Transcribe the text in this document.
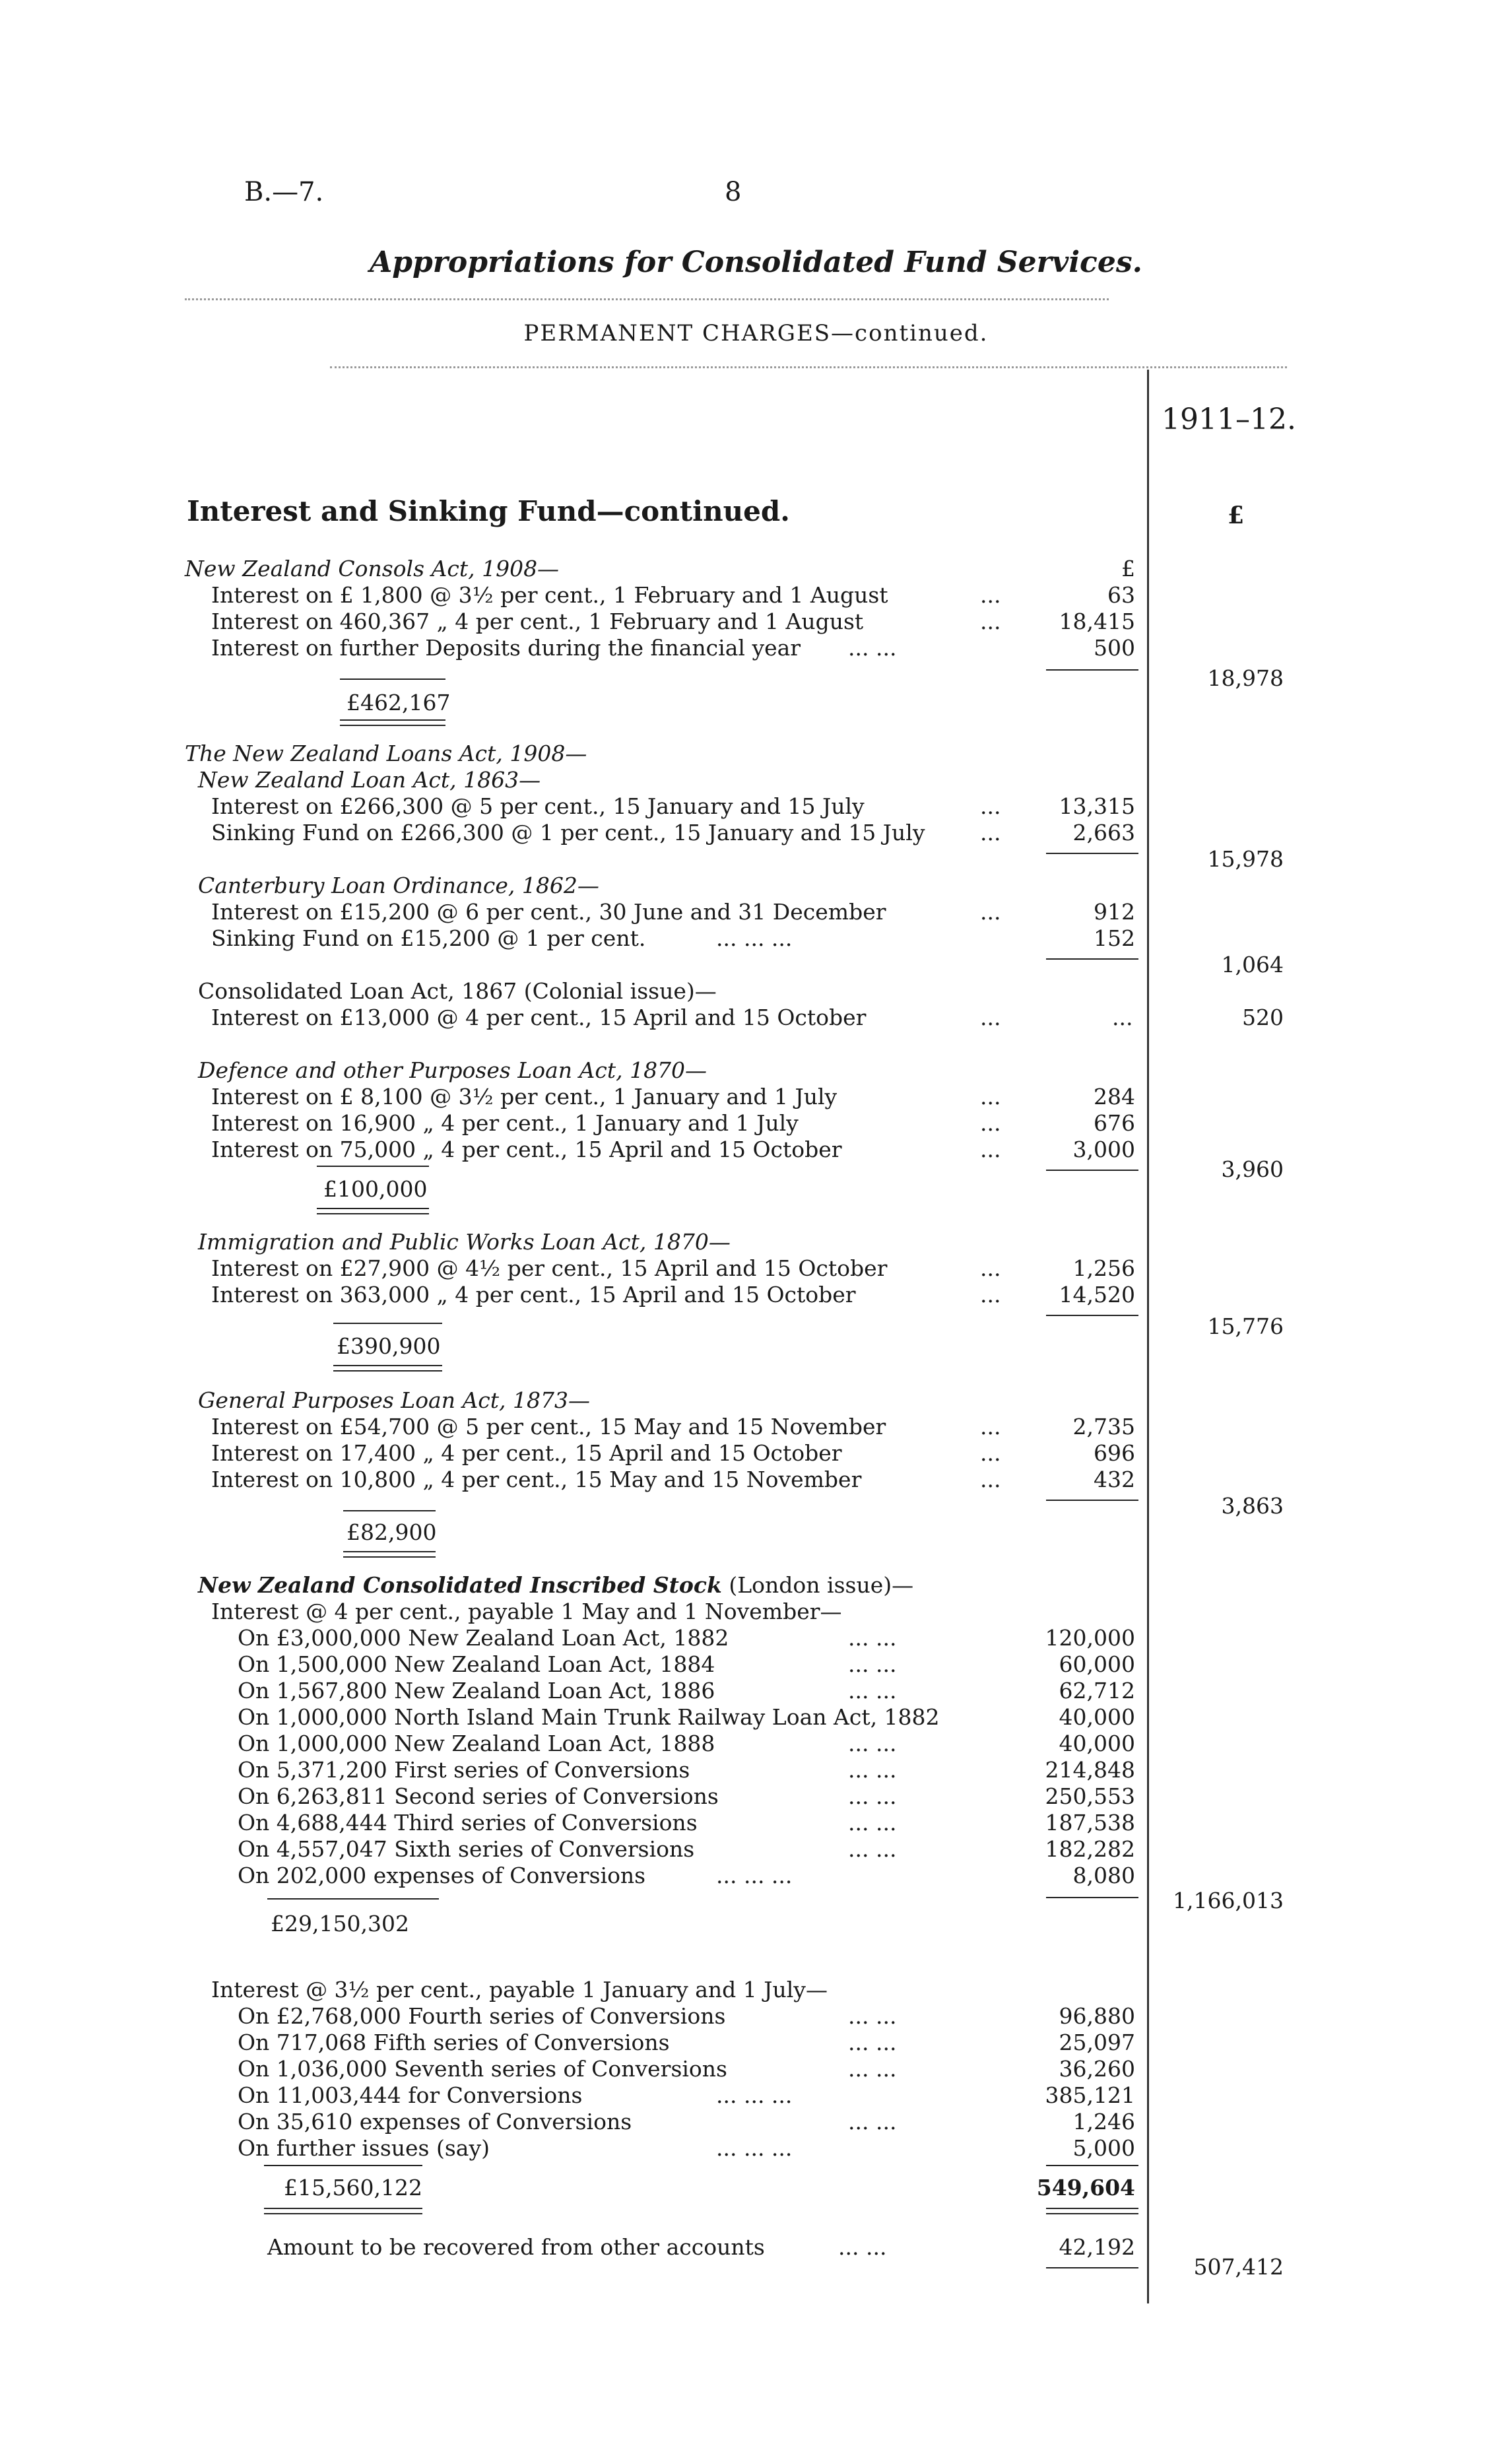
B.—7.	8
Appropriations for Consolidated Fund Services.
PERMANENT CHARGES—continued.
1911–12.
£
Interest and Sinking Fund—continued.
New Zealand Consols Act, 1908—	£
Interest on £ 1,800 @ 3½ per cent., 1 February and 1 August	...	63
Interest on 460,367 „ 4 per cent., 1 February and 1 August	...	18,415
Interest on further Deposits during the financial year ... ...	500
18,978
£462,167
The New Zealand Loans Act, 1908—
New Zealand Loan Act, 1863—
Interest on £266,300 @ 5 per cent., 15 January and 15 July	...	13,315
Sinking Fund on £266,300 @ 1 per cent., 15 January and 15 July	...	2,663
15,978
Canterbury Loan Ordinance, 1862—
Interest on £15,200 @ 6 per cent., 30 June and 31 December	...	912
Sinking Fund on £15,200 @ 1 per cent.	... ... ...	152
1,064
Consolidated Loan Act, 1867 (Colonial issue)—
Interest on £13,000 @ 4 per cent., 15 April and 15 October	...	...	520
Defence and other Purposes Loan Act, 1870—
Interest on £ 8,100 @ 3½ per cent., 1 January and 1 July	...	284
Interest on 16,900 „ 4 per cent., 1 January and 1 July	...	676
Interest on 75,000 „ 4 per cent., 15 April and 15 October	...	3,000
3,960
£100,000
Immigration and Public Works Loan Act, 1870—
Interest on £27,900 @ 4½ per cent., 15 April and 15 October	...	1,256
Interest on 363,000 „ 4 per cent., 15 April and 15 October	...	14,520
15,776
£390,900
General Purposes Loan Act, 1873—
Interest on £54,700 @ 5 per cent., 15 May and 15 November	...	2,735
Interest on 17,400 „ 4 per cent., 15 April and 15 October	...	696
Interest on 10,800 „ 4 per cent., 15 May and 15 November	...	432
3,863
£82,900
New Zealand Consolidated Inscribed Stock (London issue)—
Interest @ 4 per cent., payable 1 May and 1 November—
On £3,000,000 New Zealand Loan Act, 1882	... ...	120,000
On 1,500,000 New Zealand Loan Act, 1884	... ...	60,000
On 1,567,800 New Zealand Loan Act, 1886	... ...	62,712
On 1,000,000 North Island Main Trunk Railway Loan Act, 1882	40,000
On 1,000,000 New Zealand Loan Act, 1888	... ...	40,000
On 5,371,200 First series of Conversions	... ...	214,848
On 6,263,811 Second series of Conversions	... ...	250,553
On 4,688,444 Third series of Conversions	... ...	187,538
On 4,557,047 Sixth series of Conversions	... ...	182,282
On 202,000 expenses of Conversions	... ... ...	8,080
1,166,013
£29,150,302
Interest @ 3½ per cent., payable 1 January and 1 July—
On £2,768,000 Fourth series of Conversions	... ...	96,880
On 717,068 Fifth series of Conversions	... ...	25,097
On 1,036,000 Seventh series of Conversions	... ...	36,260
On 11,003,444 for Conversions	... ... ...	385,121
On 35,610 expenses of Conversions	... ...	1,246
On further issues (say)	... ... ...	5,000
£15,560,122	549,604
Amount to be recovered from other accounts	... ...	42,192
507,412
